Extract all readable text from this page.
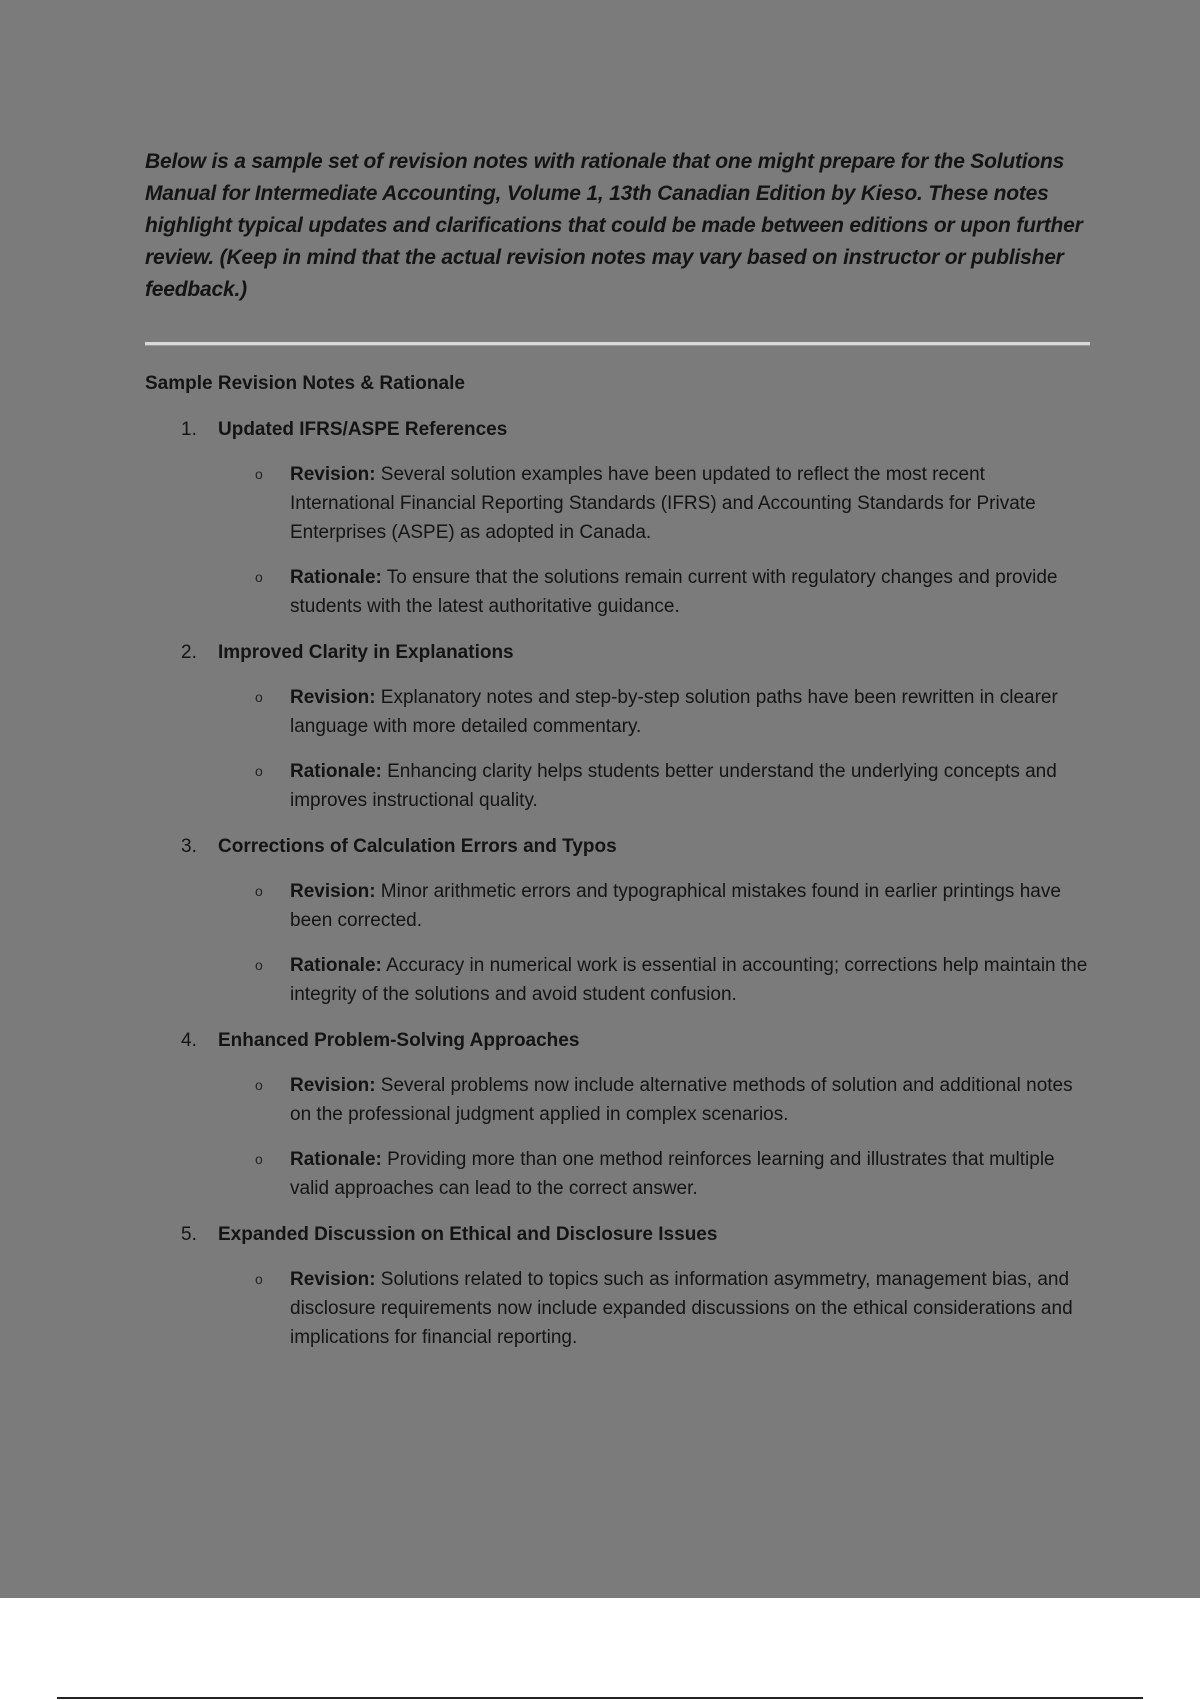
Below is a sample set of revision notes with rationale that one might prepare for the Solutions Manual for Intermediate Accounting, Volume 1, 13th Canadian Edition by Kieso. These notes highlight typical updates and clarifications that could be made between editions or upon further review. (Keep in mind that the actual revision notes may vary based on instructor or publisher feedback.)

Sample Revision Notes & Rationale
1.	Updated IFRS/ASPE References
o	Revision: Several solution examples have been updated to reflect the most recent International Financial Reporting Standards (IFRS) and Accounting Standards for Private Enterprises (ASPE) as adopted in Canada.
o	Rationale: To ensure that the solutions remain current with regulatory changes and provide students with the latest authoritative guidance.
2.	Improved Clarity in Explanations
o	Revision: Explanatory notes and step-by-step solution paths have been rewritten in clearer language with more detailed commentary.
o	Rationale: Enhancing clarity helps students better understand the underlying concepts and improves instructional quality.
3.	Corrections of Calculation Errors and Typos
o	Revision: Minor arithmetic errors and typographical mistakes found in earlier printings have been corrected.
o	Rationale: Accuracy in numerical work is essential in accounting; corrections help maintain the integrity of the solutions and avoid student confusion.
4.	Enhanced Problem-Solving Approaches
o	Revision: Several problems now include alternative methods of solution and additional notes on the professional judgment applied in complex scenarios.
o	Rationale: Providing more than one method reinforces learning and illustrates that multiple valid approaches can lead to the correct answer.
5.	Expanded Discussion on Ethical and Disclosure Issues
o	Revision: Solutions related to topics such as information asymmetry, management bias, and disclosure requirements now include expanded discussions on the ethical considerations and implications for financial reporting.
